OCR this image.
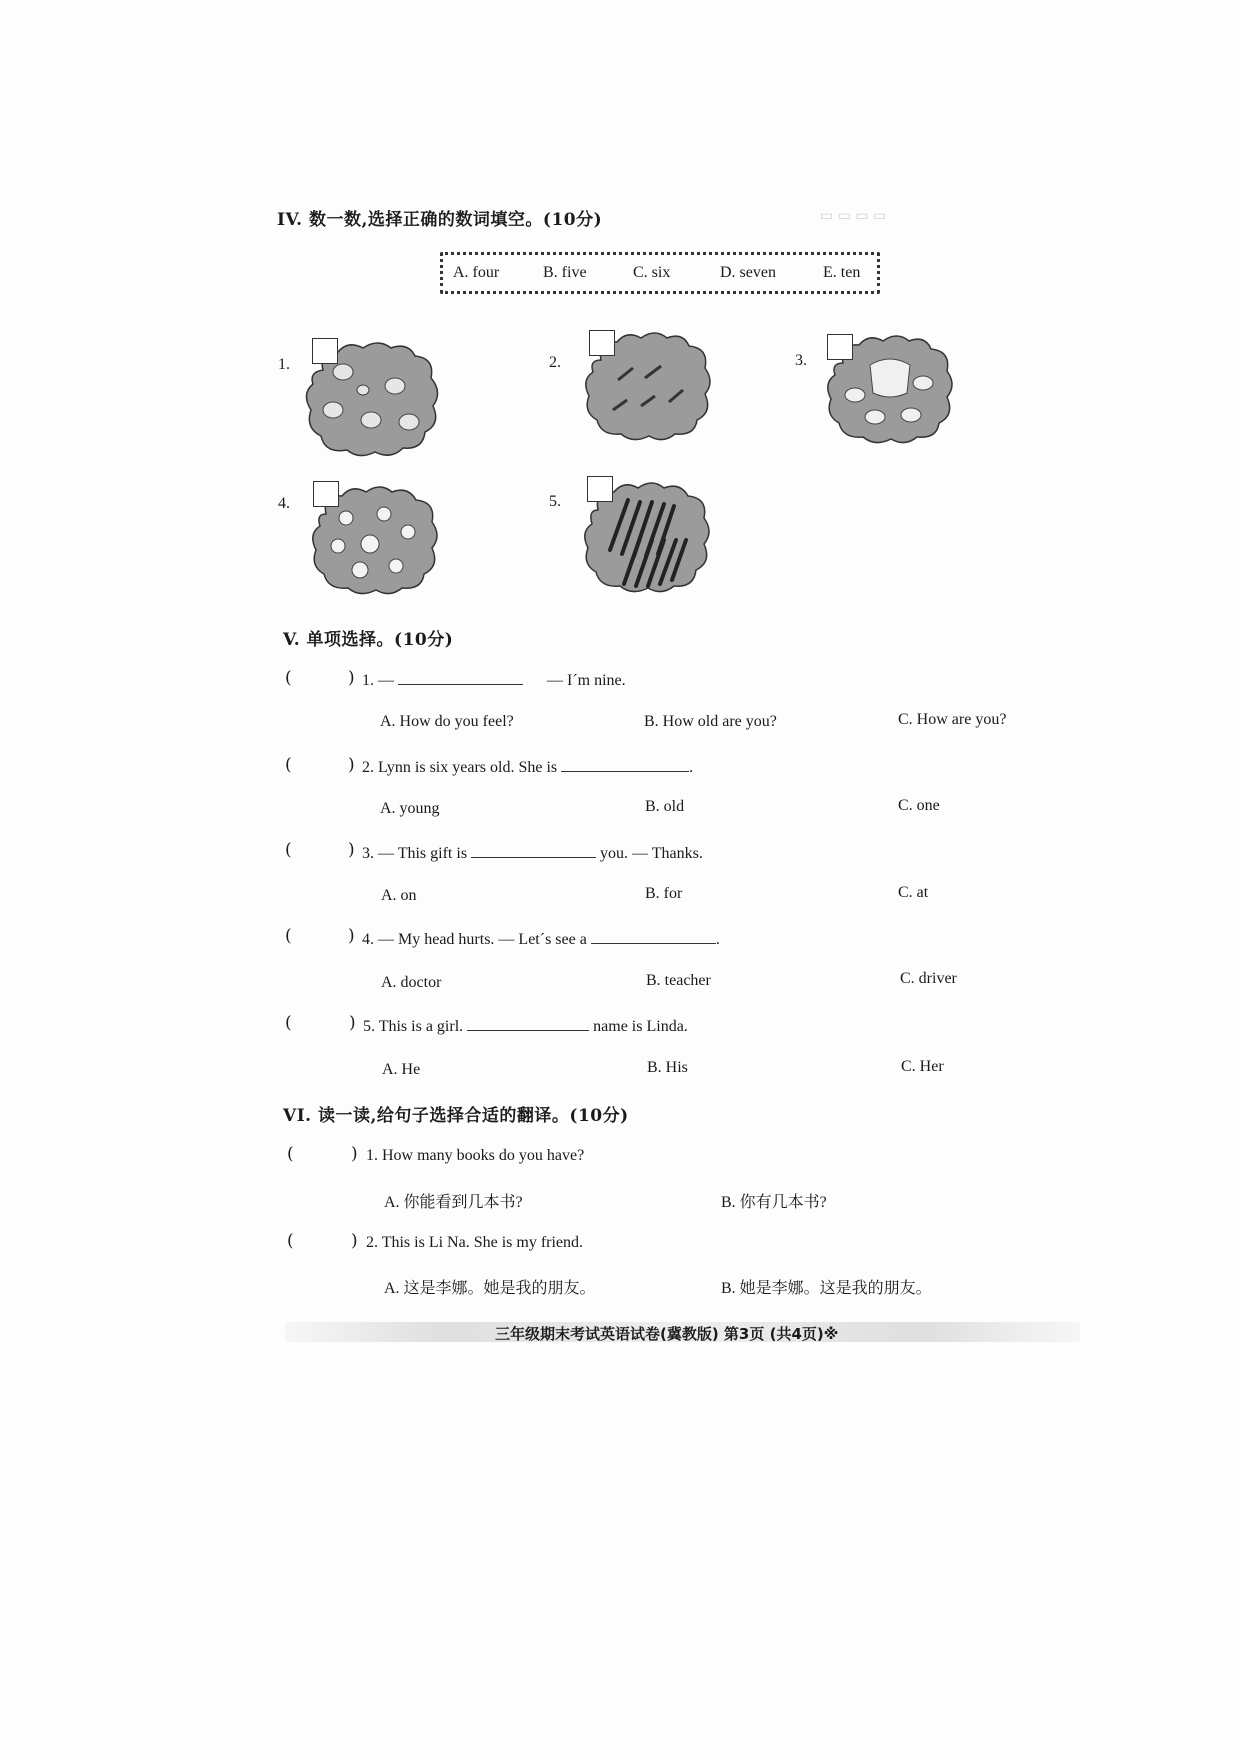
▭ ▭ ▭ ▭
IV. 数一数,选择正确的数词填空。(10分)
A. four	B. five	C. six	D. seven	E. ten
1.	2.	3.
4.	5.
V. 单项选择。(10分)
(	) 1. —	— I´m nine.
A. How do you feel?	B. How old are you?	C. How are you?
(	) 2. Lynn is six years old. She is	.
A. young	B. old	C. one
(	) 3. — This gift is	you. — Thanks.
A. on	B. for	C. at
(	) 4. — My head hurts. — Let´s see a	.
A. doctor	B. teacher	C. driver
(	) 5. This is a girl.	name is Linda.
A. He	B. His	C. Her
VI. 读一读,给句子选择合适的翻译。(10分)
(	) 1. How many books do you have?
A. 你能看到几本书?	B. 你有几本书?
(	) 2. This is Li Na. She is my friend.
A. 这是李娜。她是我的朋友。	B. 她是李娜。这是我的朋友。
三年级期末考试英语试卷(冀教版) 第3页 (共4页)※
